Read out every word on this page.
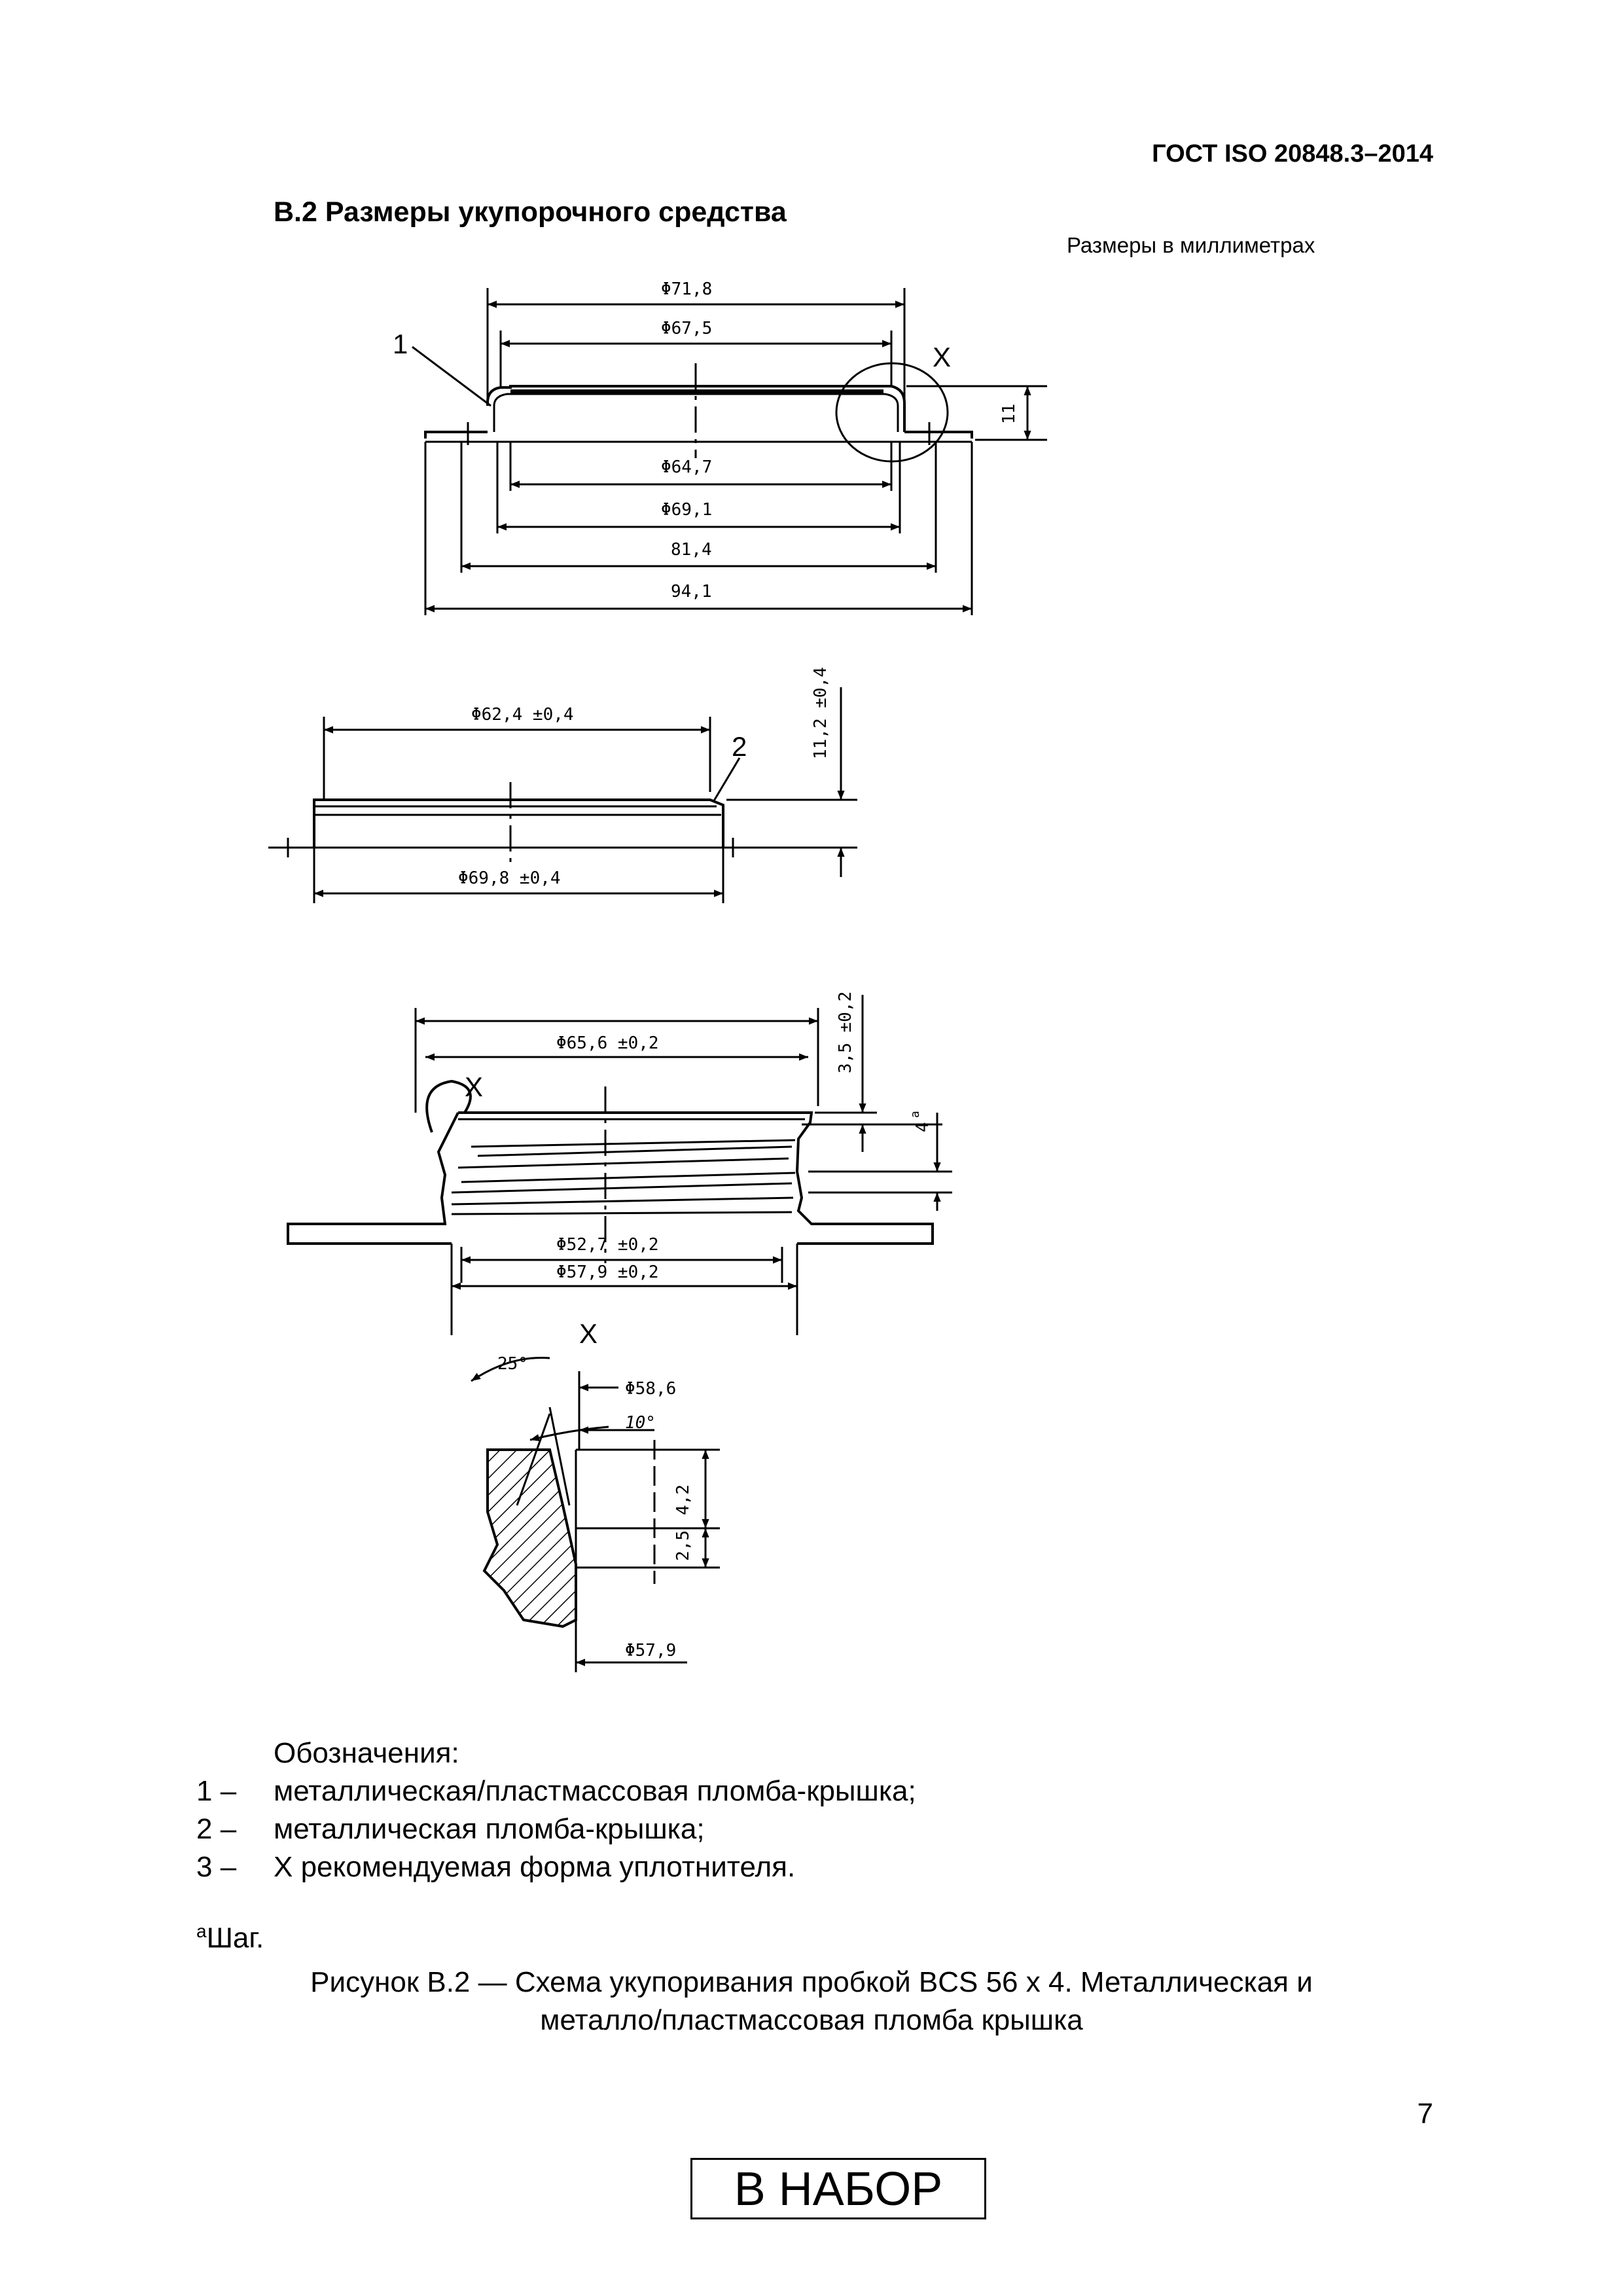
ГОСТ ISO 20848.3–2014
В.2 Размеры укупорочного средства
Размеры в миллиметрах
1	X
Φ71,8
Φ67,5
Φ64,7
Φ69,1
81,4
94,1
11
2
Φ62,4 ±0,4
Φ69,8 ±0,4
11,2 ±0,4
Φ65,6 ±0,2
X
Φ52,7 ±0,2
Φ57,9 ±0,2
3,5 ±0,2
4
a
X
25°
Φ58,6
10°
Φ57,9
4,2
2,5
Обозначения:
1 –	металлическая/пластмассовая пломба-крышка;
2 –	металлическая пломба-крышка;
3 –	X рекомендуемая форма уплотнителя.
$^a$Шаг.
Рисунок В.2 — Схема укупоривания пробкой BCS 56 x 4. Металлическая и
металло/пластмассовая пломба крышка
7
В НАБОР
